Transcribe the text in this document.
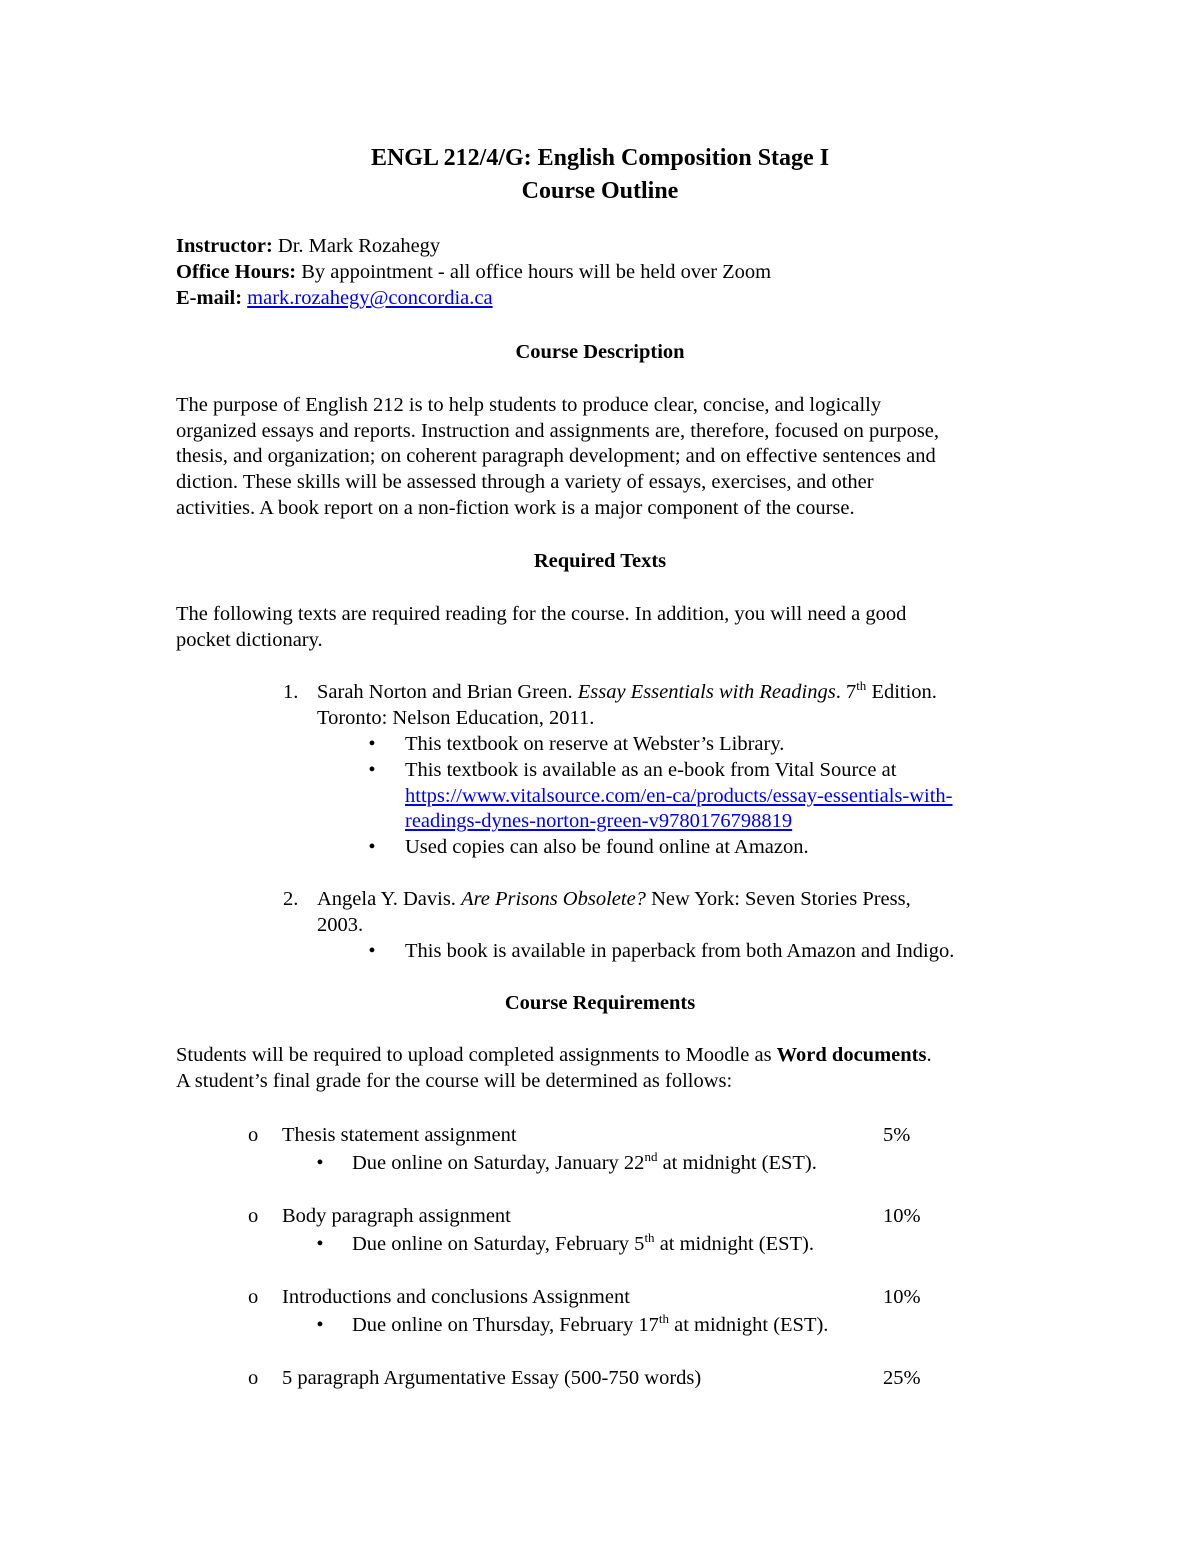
ENGL 212/4/G: English Composition Stage I
Course Outline
Instructor: Dr. Mark Rozahegy
Office Hours: By appointment - all office hours will be held over Zoom
E-mail: mark.rozahegy@concordia.ca
Course Description
The purpose of English 212 is to help students to produce clear, concise, and logically
organized essays and reports. Instruction and assignments are, therefore, focused on purpose,
thesis, and organization; on coherent paragraph development; and on effective sentences and
diction. These skills will be assessed through a variety of essays, exercises, and other
activities. A book report on a non-fiction work is a major component of the course.
Required Texts
The following texts are required reading for the course. In addition, you will need a good
pocket dictionary.
1. Sarah Norton and Brian Green. Essay Essentials with Readings. 7th Edition.
Toronto: Nelson Education, 2011.
•	This textbook on reserve at Webster’s Library.
•	This textbook is available as an e-book from Vital Source at
https://www.vitalsource.com/en-ca/products/essay-essentials-with-
readings-dynes-norton-green-v9780176798819
•	Used copies can also be found online at Amazon.
2. Angela Y. Davis. Are Prisons Obsolete? New York: Seven Stories Press,
2003.
•	This book is available in paperback from both Amazon and Indigo.
Course Requirements
Students will be required to upload completed assignments to Moodle as Word documents.
A student’s final grade for the course will be determined as follows:
o Thesis statement assignment	5%
•	Due online on Saturday, January 22nd at midnight (EST).
o Body paragraph assignment	10%
•	Due online on Saturday, February 5th at midnight (EST).
o Introductions and conclusions Assignment	10%
•	Due online on Thursday, February 17th at midnight (EST).
o 5 paragraph Argumentative Essay (500-750 words)	25%
